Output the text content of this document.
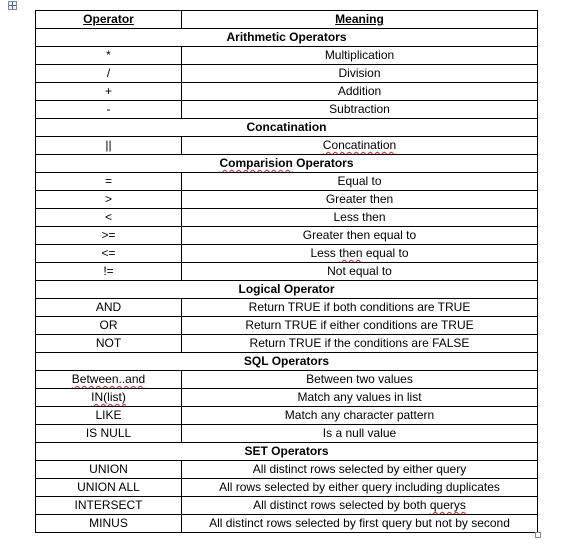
Operator	Meaning
Arithmetic Operators	
*	Multiplication
/	Division
+	Addition
-	Subtraction
Concatination	
||	Concatination
Comparision Operators	
=	Equal to
>	Greater then
<	Less then
>=	Greater then equal to
<=	Less then equal to
!=	Not equal to
Logical Operator	
AND	Return TRUE if both conditions are TRUE
OR	Return TRUE if either conditions are TRUE
NOT	Return TRUE if the conditions are FALSE
SQL Operators	
Between..and	Between two values
IN(list)	Match any values in list
LIKE	Match any character pattern
IS NULL	Is a null value
SET Operators	
UNION	All distinct rows selected by either query
UNION ALL	All rows selected by either query including duplicates
INTERSECT	All distinct rows selected by both querys
MINUS	All distinct rows selected by first query but not by second
